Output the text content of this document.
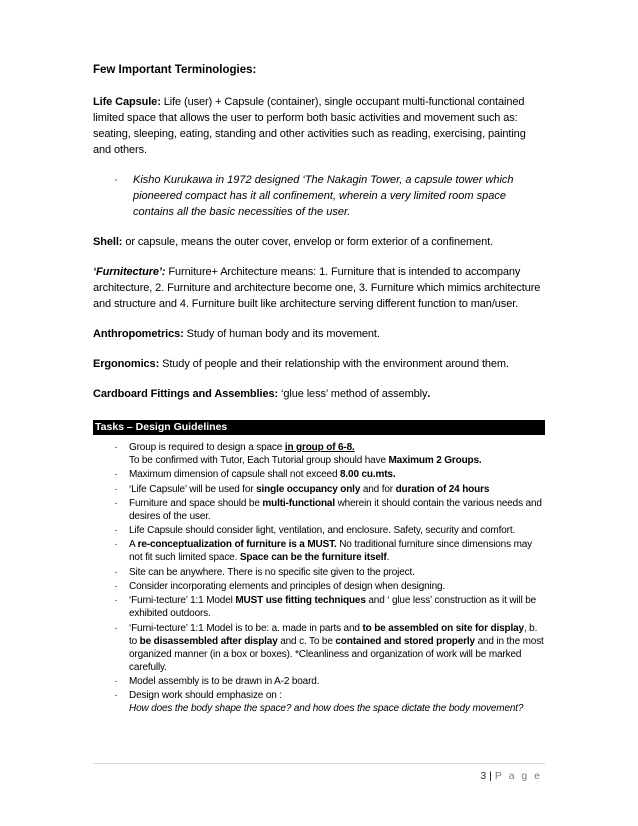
Few Important Terminologies:

Life Capsule: Life (user) + Capsule (container), single occupant multi-functional contained limited space that allows the user to perform both basic activities and movement such as: seating, sleeping, eating, standing and other activities such as reading, exercising, painting and others.

·	Kisho Kurukawa in 1972 designed ‘The Nakagin Tower, a capsule tower which pioneered compact has it all confinement, wherein a very limited room space contains all the basic necessities of the user.

Shell: or capsule, means the outer cover, envelop or form exterior of a confinement.

‘Furnitecture’: Furniture+ Architecture means: 1. Furniture that is intended to accompany architecture, 2. Furniture and architecture become one, 3. Furniture which mimics architecture and structure and 4. Furniture built like architecture serving different function to man/user.

Anthropometrics: Study of human body and its movement.

Ergonomics: Study of people and their relationship with the environment around them.

Cardboard Fittings and Assemblies: ‘glue less’ method of assembly.

Tasks – Design Guidelines
·	Group is required to design a space in group of 6-8.
To be confirmed with Tutor, Each Tutorial group should have Maximum 2 Groups.
·	Maximum dimension of capsule shall not exceed 8.00 cu.mts.
·	‘Life Capsule’ will be used for single occupancy only and for duration of 24 hours
·	Furniture and space should be multi-functional wherein it should contain the various needs and desires of the user.
·	Life Capsule should consider light, ventilation, and enclosure. Safety, security and comfort.
·	A re-conceptualization of furniture is a MUST. No traditional furniture since dimensions may not fit such limited space. Space can be the furniture itself.
·	Site can be anywhere. There is no specific site given to the project.
·	Consider incorporating elements and principles of design when designing.
·	‘Furni-tecture’ 1:1 Model MUST use fitting techniques and ‘ glue less’ construction as it will be exhibited outdoors.
·	‘Furni-tecture’ 1:1 Model is to be: a. made in parts and to be assembled on site for display, b. to be disassembled after display and c. To be contained and stored properly and in the most organized manner (in a box or boxes). *Cleanliness and organization of work will be marked carefully.
·	Model assembly is to be drawn in A-2 board.
·	Design work should emphasize on :
How does the body shape the space? and how does the space dictate the body movement?
3 | P a g e
